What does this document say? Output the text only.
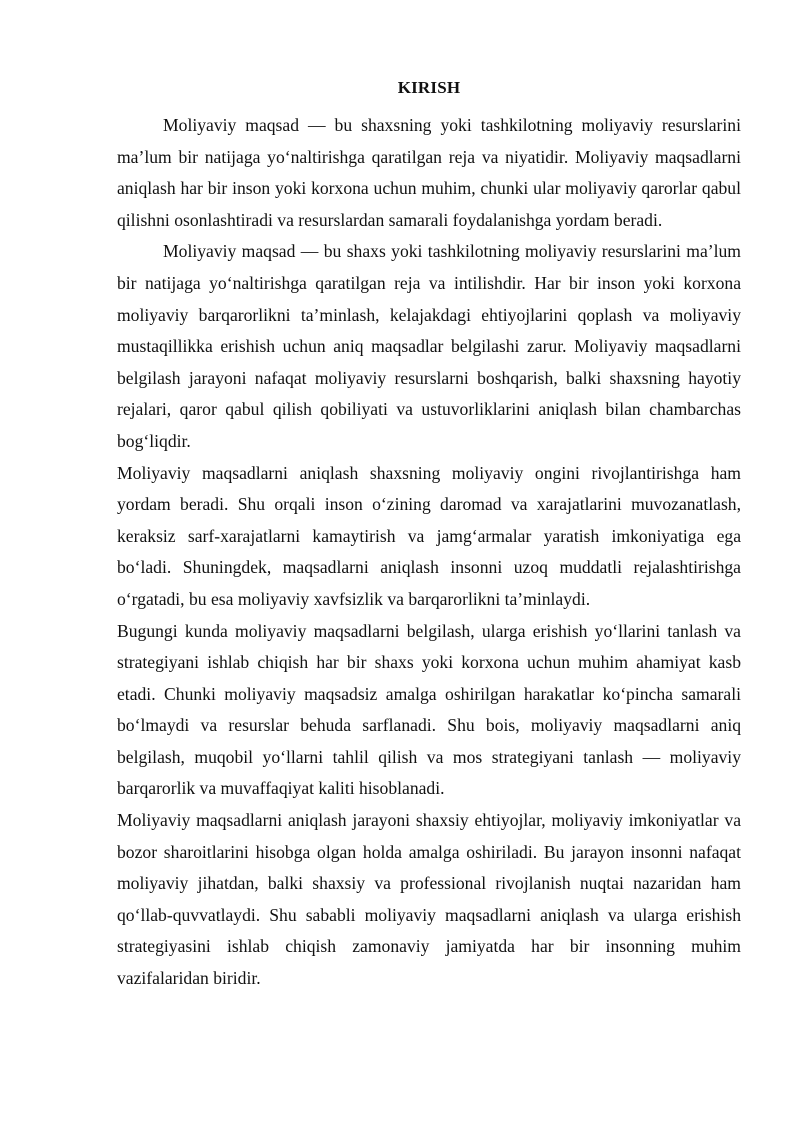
KIRISH

Moliyaviy maqsad — bu shaxsning yoki tashkilotning moliyaviy resurslarini ma’lum bir natijaga yo‘naltirishga qaratilgan reja va niyatidir. Moliyaviy maqsadlarni aniqlash har bir inson yoki korxona uchun muhim, chunki ular moliyaviy qarorlar qabul qilishni osonlashtiradi va resurslardan samarali foydalanishga yordam beradi.

Moliyaviy maqsad — bu shaxs yoki tashkilotning moliyaviy resurslarini ma’lum bir natijaga yo‘naltirishga qaratilgan reja va intilishdir. Har bir inson yoki korxona moliyaviy barqarorlikni ta’minlash, kelajakdagi ehtiyojlarini qoplash va moliyaviy mustaqillikka erishish uchun aniq maqsadlar belgilashi zarur. Moliyaviy maqsadlarni belgilash jarayoni nafaqat moliyaviy resurslarni boshqarish, balki shaxsning hayotiy rejalari, qaror qabul qilish qobiliyati va ustuvorliklarini aniqlash bilan chambarchas bog‘liqdir.

Moliyaviy maqsadlarni aniqlash shaxsning moliyaviy ongini rivojlantirishga ham yordam beradi. Shu orqali inson o‘zining daromad va xarajatlarini muvozanatlash, keraksiz sarf-xarajatlarni kamaytirish va jamg‘armalar yaratish imkoniyatiga ega bo‘ladi. Shuningdek, maqsadlarni aniqlash insonni uzoq muddatli rejalashtirishga o‘rgatadi, bu esa moliyaviy xavfsizlik va barqarorlikni ta’minlaydi.

Bugungi kunda moliyaviy maqsadlarni belgilash, ularga erishish yo‘llarini tanlash va strategiyani ishlab chiqish har bir shaxs yoki korxona uchun muhim ahamiyat kasb etadi. Chunki moliyaviy maqsadsiz amalga oshirilgan harakatlar ko‘pincha samarali bo‘lmaydi va resurslar behuda sarflanadi. Shu bois, moliyaviy maqsadlarni aniq belgilash, muqobil yo‘llarni tahlil qilish va mos strategiyani tanlash — moliyaviy barqarorlik va muvaffaqiyat kaliti hisoblanadi.

Moliyaviy maqsadlarni aniqlash jarayoni shaxsiy ehtiyojlar, moliyaviy imkoniyatlar va bozor sharoitlarini hisobga olgan holda amalga oshiriladi. Bu jarayon insonni nafaqat moliyaviy jihatdan, balki shaxsiy va professional rivojlanish nuqtai nazaridan ham qo‘llab-quvvatlaydi. Shu sababli moliyaviy maqsadlarni aniqlash va ularga erishish strategiyasini ishlab chiqish zamonaviy jamiyatda har bir insonning muhim vazifalaridan biridir.
